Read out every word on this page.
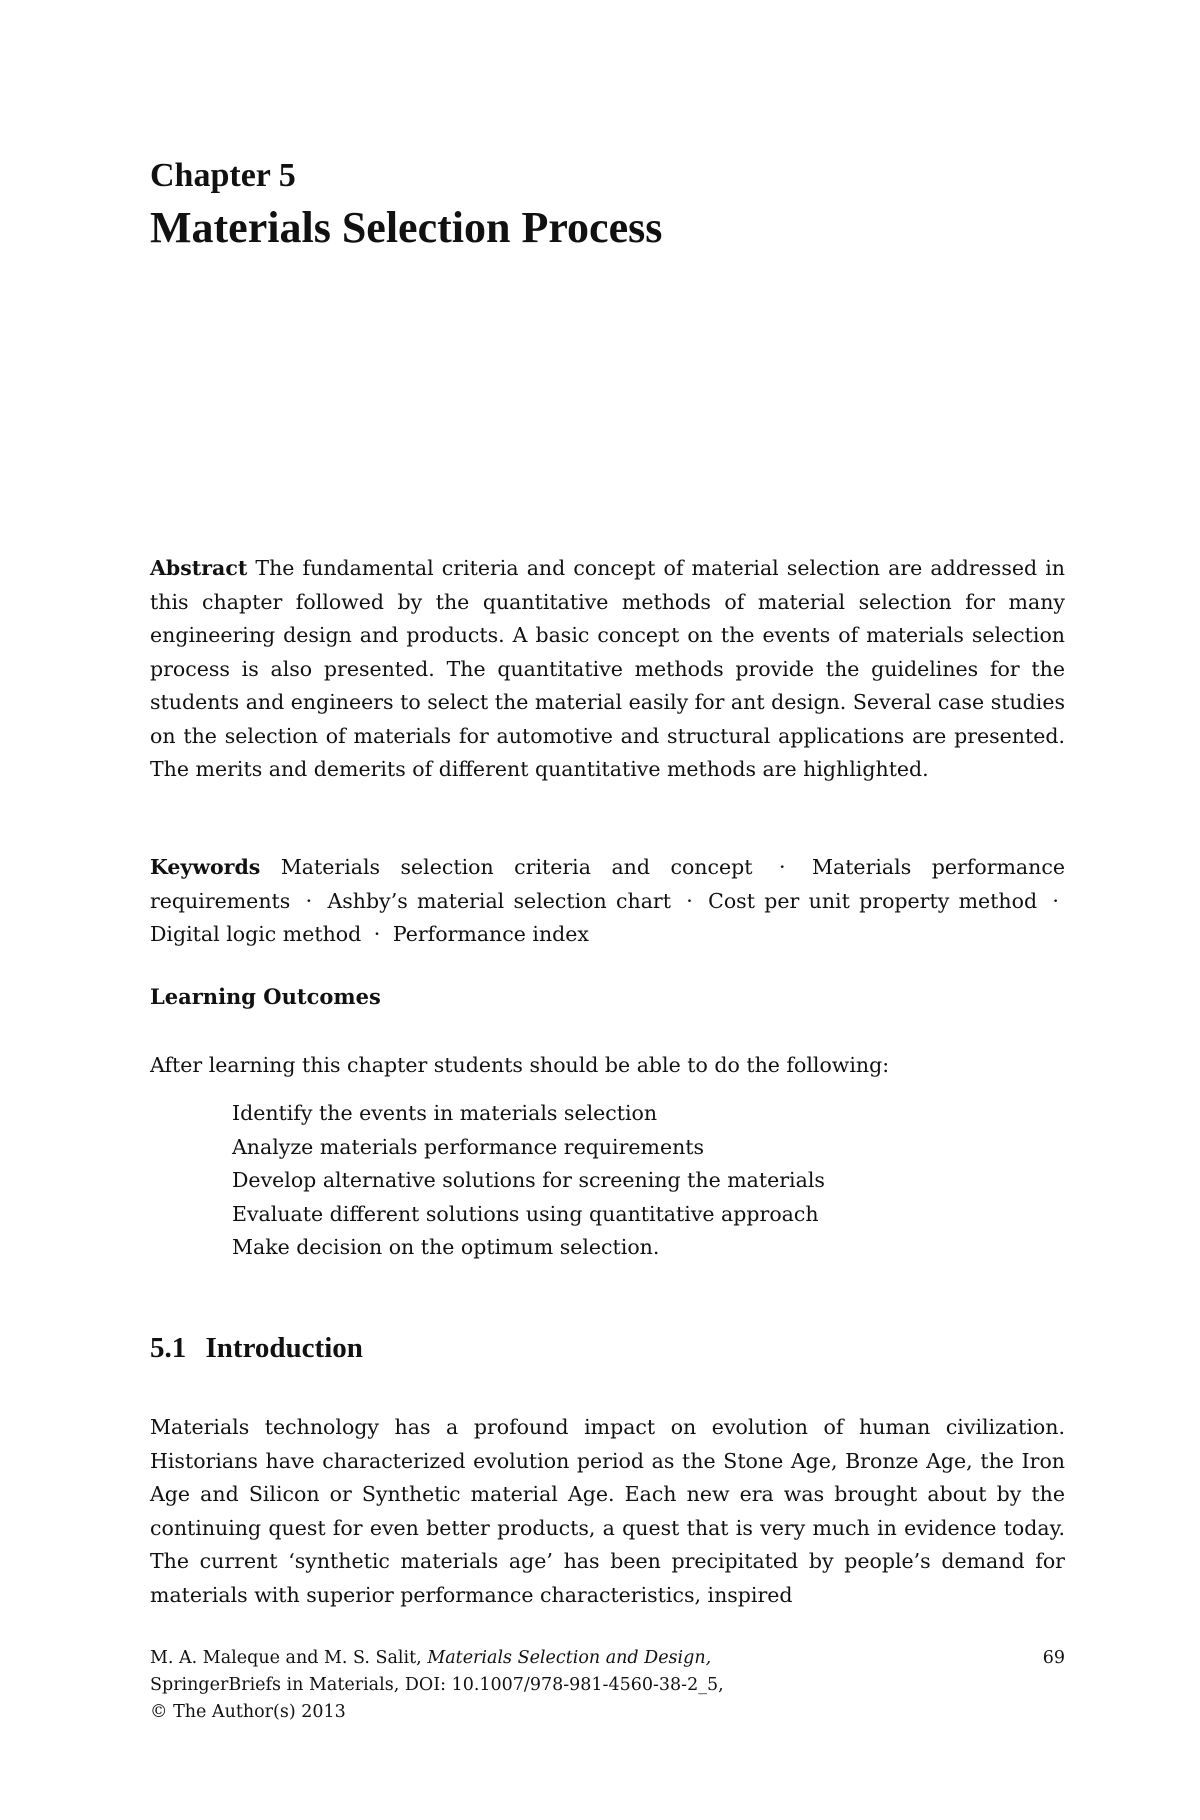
Chapter 5
Materials Selection Process

Abstract The fundamental criteria and concept of material selection are addressed in this chapter followed by the quantitative methods of material selection for many engineering design and products. A basic concept on the events of materials selection process is also presented. The quantitative methods provide the guidelines for the students and engineers to select the material easily for ant design. Several case studies on the selection of materials for automotive and structural applications are presented. The merits and demerits of different quantitative methods are highlighted.

Keywords Materials selection criteria and concept · Materials performance requirements · Ashby’s material selection chart · Cost per unit property method · Digital logic method · Performance index

Learning Outcomes

After learning this chapter students should be able to do the following:

Identify the events in materials selection
Analyze materials performance requirements
Develop alternative solutions for screening the materials
Evaluate different solutions using quantitative approach
Make decision on the optimum selection.
5.1 Introduction

Materials technology has a profound impact on evolution of human civilization. Historians have characterized evolution period as the Stone Age, Bronze Age, the Iron Age and Silicon or Synthetic material Age. Each new era was brought about by the continuing quest for even better products, a quest that is very much in evidence today. The current ‘synthetic materials age’ has been precipitated by people’s demand for materials with superior performance characteristics, inspired

M. A. Maleque and M. S. Salit, Materials Selection and Design,
SpringerBriefs in Materials, DOI: 10.1007/978-981-4560-38-2_5,
© The Author(s) 2013
69
